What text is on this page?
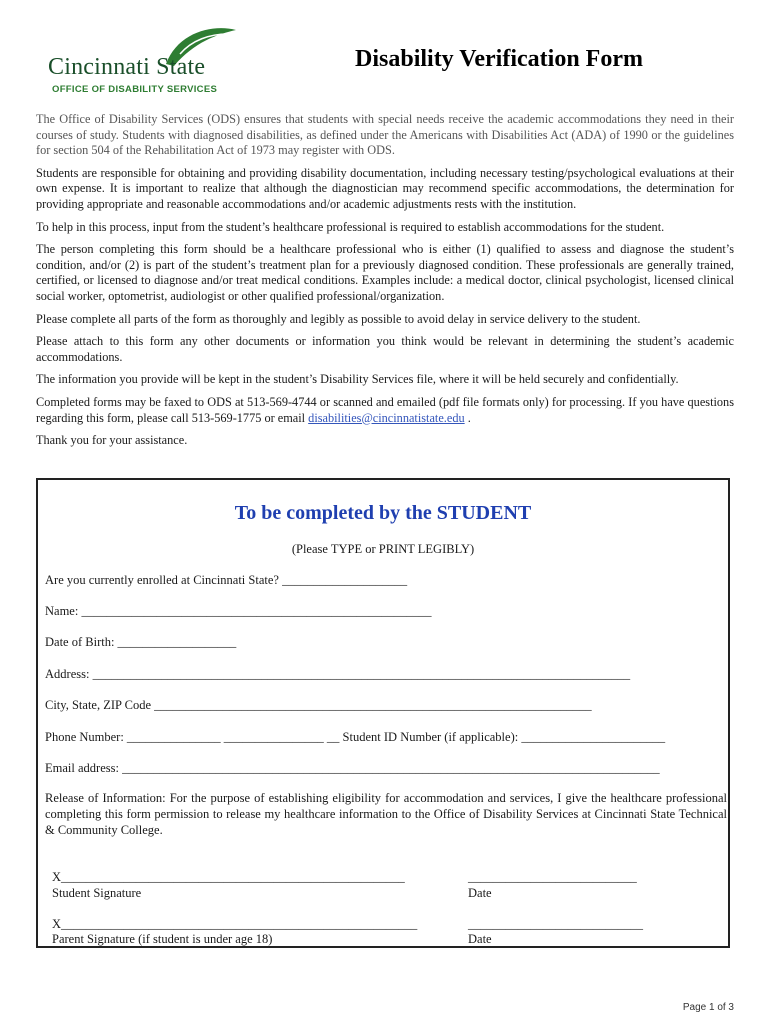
Cincinnati State
OFFICE OF DISABILITY SERVICES
Disability Verification Form

The Office of Disability Services (ODS) ensures that students with special needs receive the academic accommodations they need in their courses of study. Students with diagnosed disabilities, as defined under the Americans with Disabilities Act (ADA) of 1990 or the guidelines for section 504 of the Rehabilitation Act of 1973 may register with ODS.

Students are responsible for obtaining and providing disability documentation, including necessary testing/psychological evaluations at their own expense. It is important to realize that although the diagnostician may recommend specific accommodations, the determination for providing appropriate and reasonable accommodations and/or academic adjustments rests with the institution.

To help in this process, input from the student’s healthcare professional is required to establish accommodations for the student.

The person completing this form should be a healthcare professional who is either (1) qualified to assess and diagnose the student’s condition, and/or (2) is part of the student’s treatment plan for a previously diagnosed condition. These professionals are generally trained, certified, or licensed to diagnose and/or treat medical conditions. Examples include: a medical doctor, clinical psychologist, licensed clinical social worker, optometrist, audiologist or other qualified professional/organization.

Please complete all parts of the form as thoroughly and legibly as possible to avoid delay in service delivery to the student.

Please attach to this form any other documents or information you think would be relevant in determining the student’s academic accommodations.

The information you provide will be kept in the student’s Disability Services file, where it will be held securely and confidentially.

Completed forms may be faxed to ODS at 513-569-4744 or scanned and emailed (pdf file formats only) for processing. If you have questions regarding this form, please call 513-569-1775 or email disabilities@cincinnatistate.edu .

Thank you for your assistance.

To be completed by the STUDENT
(Please TYPE or PRINT LEGIBLY)
Are you currently enrolled at Cincinnati State? ____________________
Name: ________________________________________________________
Date of Birth: ___________________
Address: ______________________________________________________________________________________
City, State, ZIP Code ______________________________________________________________________
Phone Number: _______________ ________________ __ Student ID Number (if applicable): _______________________
Email address: ______________________________________________________________________________________
Release of Information: For the purpose of establishing eligibility for accommodation and services, I give the healthcare professional completing this form permission to release my healthcare information to the Office of Disability Services at Cincinnati State Technical & Community College.
X_______________________________________________________
Student Signature
___________________________
Date
X_________________________________________________________
Parent Signature (if student is under age 18)
____________________________
Date
Page 1 of 3
